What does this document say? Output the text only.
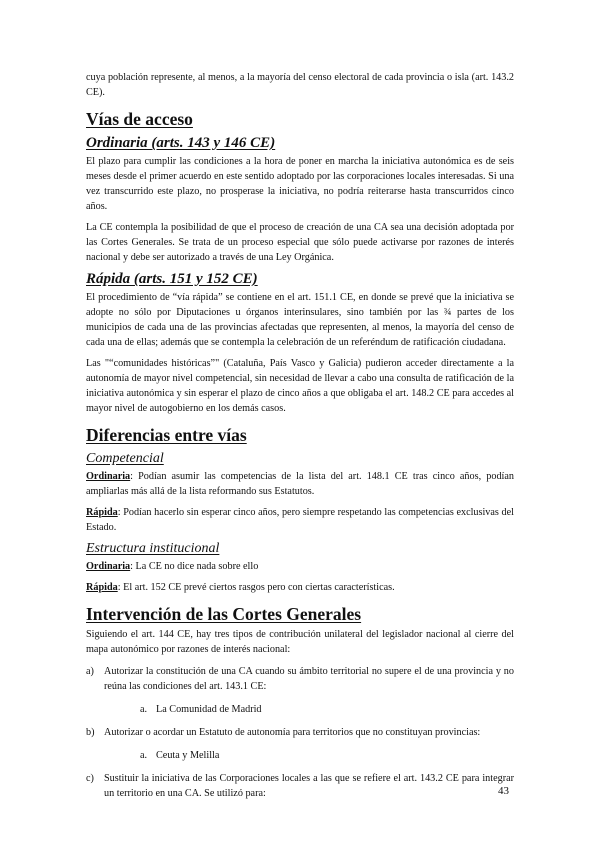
cuya población represente, al menos, a la mayoría del censo electoral de cada provincia o isla (art. 143.2 CE).

Vías de acceso
Ordinaria (arts. 143 y 146 CE)

El plazo para cumplir las condiciones a la hora de poner en marcha la iniciativa autonómica es de seis meses desde el primer acuerdo en este sentido adoptado por las corporaciones locales interesadas. Si una vez transcurrido este plazo, no prosperase la iniciativa, no podría reiterarse hasta transcurridos cinco años.

La CE contempla la posibilidad de que el proceso de creación de una CA sea una decisión adoptada por las Cortes Generales. Se trata de un proceso especial que sólo puede activarse por razones de interés nacional y debe ser autorizado a través de una Ley Orgánica.

Rápida (arts. 151 y 152 CE)

El procedimiento de “vía rápida” se contiene en el art. 151.1 CE, en donde se prevé que la iniciativa se adopte no sólo por Diputaciones u órganos interinsulares, sino también por las ¾ partes de los municipios de cada una de las provincias afectadas que representen, al menos, la mayoría del censo de cada una de ellas; además que se contempla la celebración de un referéndum de ratificación ciudadana.

Las "“comunidades históricas”" (Cataluña, País Vasco y Galicia) pudieron acceder directamente a la autonomía de mayor nivel competencial, sin necesidad de llevar a cabo una consulta de ratificación de la iniciativa autonómica y sin esperar el plazo de cinco años a que obligaba el art. 148.2 CE para accedes al mayor nivel de autogobierno en los demás casos.

Diferencias entre vías
Competencial

Ordinaria: Podían asumir las competencias de la lista del art. 148.1 CE tras cinco años, podían ampliarlas más allá de la lista reformando sus Estatutos.

Rápida: Podían hacerlo sin esperar cinco años, pero siempre respetando las competencias exclusivas del Estado.

Estructura institucional

Ordinaria: La CE no dice nada sobre ello

Rápida: El art. 152 CE prevé ciertos rasgos pero con ciertas características.

Intervención de las Cortes Generales

Siguiendo el art. 144 CE, hay tres tipos de contribución unilateral del legislador nacional al cierre del mapa autonómico por razones de interés nacional:

a) Autorizar la constitución de una CA cuando su ámbito territorial no supere el de una provincia y no reúna las condiciones del art. 143.1 CE:

a. La Comunidad de Madrid

b) Autorizar o acordar un Estatuto de autonomía para territorios que no constituyan provincias:

a. Ceuta y Melilla

c) Sustituir la iniciativa de las Corporaciones locales a las que se refiere el art. 143.2 CE para integrar un territorio en una CA. Se utilizó para:	43
